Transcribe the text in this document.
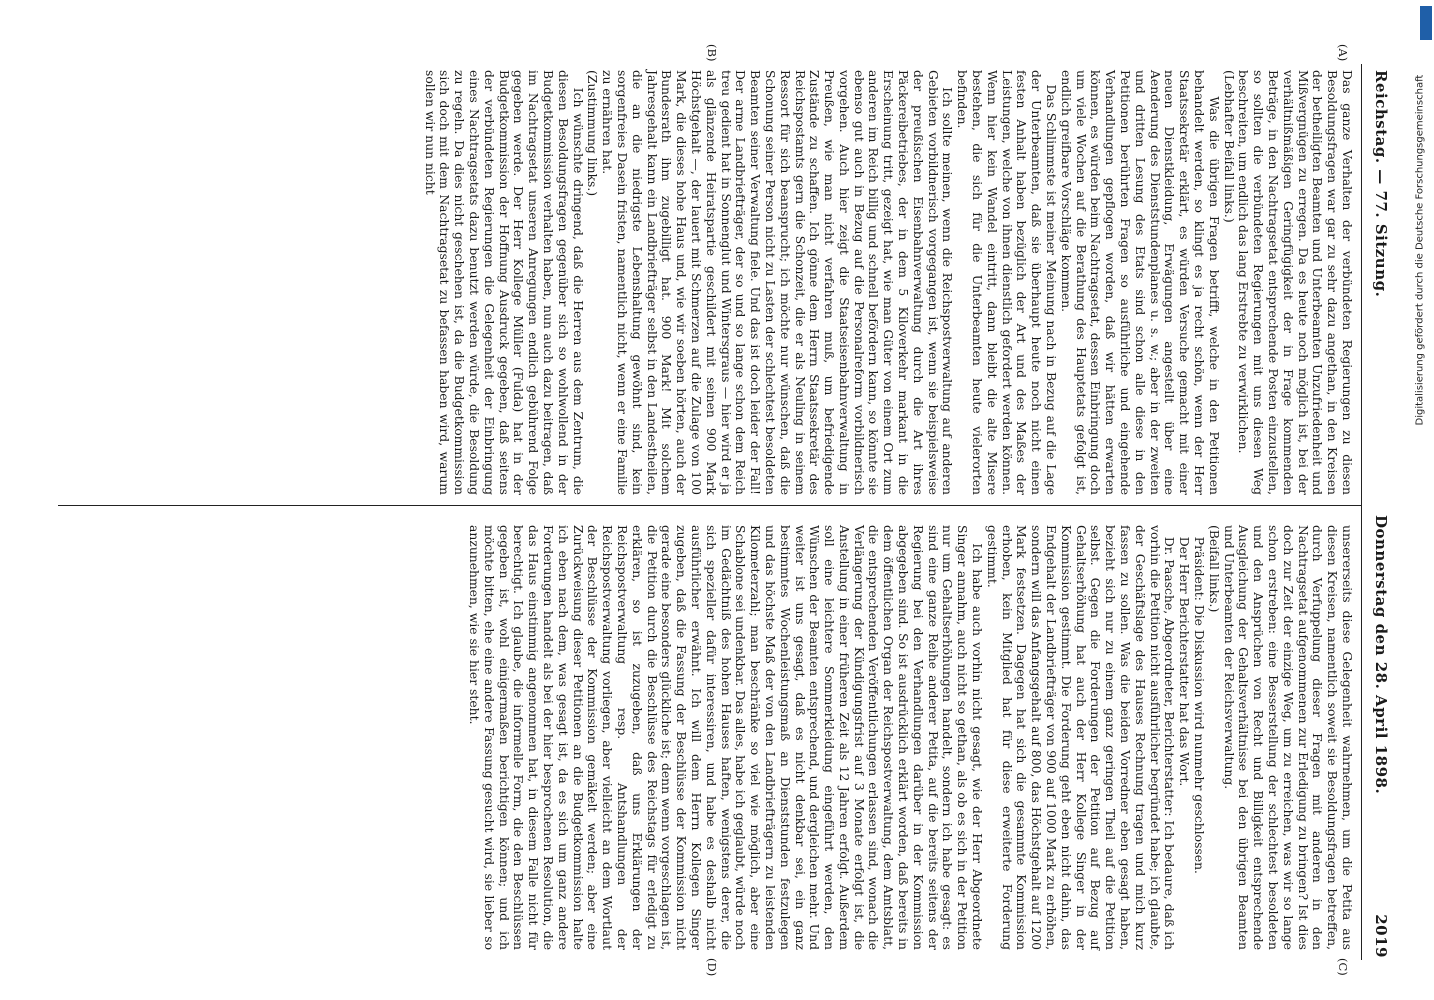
Reichstag. — 77. Sitzung.
Donnerstag den 28. April 1898.
2019
(A)
(B)
(C)
(D)
Das ganze Verhalten der verbündeten Regierungen zu diesen Besoldungsfragen war gar zu sehr dazu angethan, in den Kreisen der betheiligten Beamten und Unterbeamten Unzufriedenheit und Mißvergnügen zu erregen. Da es heute noch möglich ist, bei der verhältnißmäßigen Geringfügigkeit der in Frage kommenden Beträge, in den Nachtragsetat entsprechende Posten einzustellen, so sollten die verbündeten Regierungen mit uns diesen Weg beschreiten, um endlich das lang Erstrebte zu verwirklichen.
(Lebhafter Beifall links.)
Was die übrigen Fragen betrifft, welche in den Petitionen behandelt werden, so klingt es ja recht schön, wenn der Herr Staatssekretär erklärt, es würden Versuche gemacht mit einer neuen Dienstkleidung, Erwägungen angestellt über eine Aenderung des Dienststundenplanes u. s. w.; aber in der zweiten und dritten Lesung des Etats sind schon alle diese in den Petitionen berührten Fragen so ausführliche und eingehende Verhandlungen gepflogen worden, daß wir hätten erwarten können, es würden beim Nachtragsetat, dessen Einbringung doch um viele Wochen auf die Berathung des Hauptetats gefolgt ist, endlich greifbare Vorschläge kommen.
Das Schlimmste ist meiner Meinung nach in Bezug auf die Lage der Unterbeamten, daß sie überhaupt heute noch nicht einen festen Anhalt haben bezüglich der Art und des Maßes der Leistungen, welche von ihnen dienstlich gefordert werden können. Wenn hier kein Wandel eintritt, dann bleibt die alte Misere bestehen, die sich für die Unterbeamten heute vielerorten befinden.
Ich sollte meinen, wenn die Reichspostverwaltung auf anderen Gebieten vorbildnerisch vorgegangen ist, wenn sie beispielsweise der preußischen Eisenbahnverwaltung durch die Art ihres Päckereibetriebes, der in dem 5 Kiloverkehr markant in die Erscheinung tritt, gezeigt hat, wie man Güter von einem Ort zum anderen im Reich billig und schnell befördern kann, so könnte sie ebenso gut auch in Bezug auf die Personalreform vorbildnerisch vorgehen. Auch hier zeigt die Staatseisenbahnverwaltung in Preußen, wie man nicht verfahren muß, um befriedigende Zustände zu schaffen. Ich gönne dem Herrn Staatssekretär des Reichspostamts gern die Schonzeit, die er als Neuling in seinem Ressort für sich beansprucht; ich möchte nur wünschen, daß die Schonung seiner Person nicht zu Lasten der schlechtest besoldeten Beamten seiner Verwaltung fiele. Und das ist doch leider der Fall! Der arme Landbriefträger, der so und so lange schon dem Reich treu gedient hat in Sonnenglut und Wintersgraus — hier wird er ja als glänzende Heiratspartie geschildert mit seinen 900 Mark Höchstgehalt —, der lauert mit Schmerzen auf die Zulage von 100 Mark, die dieses hohe Haus und, wie wir soeben hörten, auch der Bundesrath ihm zugebilligt hat. 900 Mark! Mit solchem Jahresgehalt kann ein Landbriefträger selbst in den Landestheilen, die an die niedrigste Lebenshaltung gewöhnt sind, kein sorgenfreies Dasein fristen, namentlich nicht, wenn er eine Familie zu ernähren hat.
(Zustimmung links.)
Ich wünschte dringend, daß die Herren aus dem Zentrum, die diesen Besoldungsfragen gegenüber sich so wohlwollend in der Budgetkommission verhalten haben, nun auch dazu beitragen, daß im Nachtragsetat unseren Anregungen endlich gebührend Folge gegeben werde. Der Herr Kollege Müller (Fulda) hat in der Budgetkommission der Hoffnung Ausdruck gegeben, daß seitens der verbündeten Regierungen die Gelegenheit der Einbringung eines Nachtragsetats dazu benutzt werden würde, die Besoldung zu regeln. Da dies nicht geschehen ist, da die Budgetkommission sich doch mit dem Nachtragsetat zu befassen haben wird, warum sollen wir nun nicht
unsererseits diese Gelegenheit wahrnehmen, um die Petita aus diesen Kreisen, namentlich soweit sie Besoldungsfragen betreffen, durch Verfuppelung dieser Fragen mit anderen in den Nachtragsetat aufgenommenen zur Erledigung zu bringen? Ist dies doch zur Zeit der einzige Weg, um zu erreichen, was wir so lange schon erstreben: eine Besserstellung der schlechtest besoldeten und den Ansprüchen von Recht und Billigkeit entsprechende Ausgleichung der Gehaltsverhältnisse bei den übrigen Beamten und Unterbeamten der Reichsverwaltung.
(Beifall links.)
Präsident: Die Diskussion wird nunmehr geschlossen.
Der Herr Berichterstatter hat das Wort.
Dr. Paasche, Abgeordneter, Berichterstatter: Ich bedaure, daß ich vorhin die Petition nicht ausführlicher begründet habe; ich glaubte, der Geschäftslage des Hauses Rechnung tragen und mich kurz fassen zu sollen. Was die beiden Vorredner eben gesagt haben, bezieht sich nur zu einem ganz geringen Theil auf die Petition selbst. Gegen die Forderungen der Petition auf Bezug auf Gehaltserhöhung hat auch der Herr Kollege Singer in der Kommission gestimmt. Die Forderung geht eben nicht dahin, das Endgehalt der Landbriefträger von 900 auf 1000 Mark zu erhöhen, sondern will das Anfangsgehalt auf 800, das Höchstgehalt auf 1200 Mark festsetzen. Dagegen hat sich die gesammte Kommission erhoben, kein Mitglied hat für diese erweiterte Forderung gestimmt.
Ich habe auch vorhin nicht gesagt, wie der Herr Abgeordnete Singer annahm, auch nicht so gethan, als ob es sich in der Petition nur um Gehaltserhöhungen handelt, sondern ich habe gesagt: es sind eine ganze Reihe anderer Petita, auf die bereits seitens der Regierung bei den Verhandlungen darüber in der Kommission abgegeben sind. So ist ausdrücklich erklärt worden, daß bereits in dem öffentlichen Organ der Reichspostverwaltung, dem Amtsblatt, die entsprechenden Veröffentlichungen erlassen sind, wonach die Verlängerung der Kündigungsfrist auf 3 Monate erfolgt ist, die Anstellung in einer früheren Zeit als 12 Jahren erfolgt. Außerdem soll eine leichtere Sommerkleidung eingeführt werden, den Wünschen der Beamten entsprechend, und dergleichen mehr. Und weiter ist uns gesagt, daß es nicht denkbar sei, ein ganz bestimmtes Wochenleistungsmaß an Dienststunden festzulegen und das höchste Maß der von den Landbriefträgern zu leistenden Kilometerzahl; man beschränke so viel wie möglich, aber eine Schablone sei undenkbar. Das alles, habe ich geglaubt, würde noch im Gedächtniß des hohen Hauses haften, wenigstens derer, die sich spezieller dafür interessiren, und habe es deshalb nicht ausführlicher erwähnt. Ich will dem Herrn Kollegen Singer zugeben, daß die Fassung der Beschlüsse der Kommission nicht gerade eine besonders glückliche ist; denn wenn vorgeschlagen ist, die Petition durch die Beschlüsse des Reichstags für erledigt zu erklären, so ist zuzugeben, daß uns Erklärungen der Reichspostverwaltung resp. Antshandlungen der Reichspostverwaltung vorliegen, aber vielleicht an dem Wortlaut der Beschlüsse der Kommission gemäkelt werden; aber eine Zurückweisung dieser Petitionen an die Budgetkommission halte ich eben nach dem, was gesagt ist, da es sich um ganz andere Forderungen handelt als bei der hier besprochenen Resolution, die das Haus einstimmig angenommen hat, in diesem Falle nicht für berechtigt. Ich glaube, die informelle Form, die den Beschlüssen gegeben ist, wohl einigermaßen berichtigen können; und ich möchte bitten, ehe eine andere Fassung gesucht wird, sie lieber so anzunehmen, wie sie hier steht.
Digitalisierung gefördert durch die Deutsche Forschungsgemeinschaft
DFG
